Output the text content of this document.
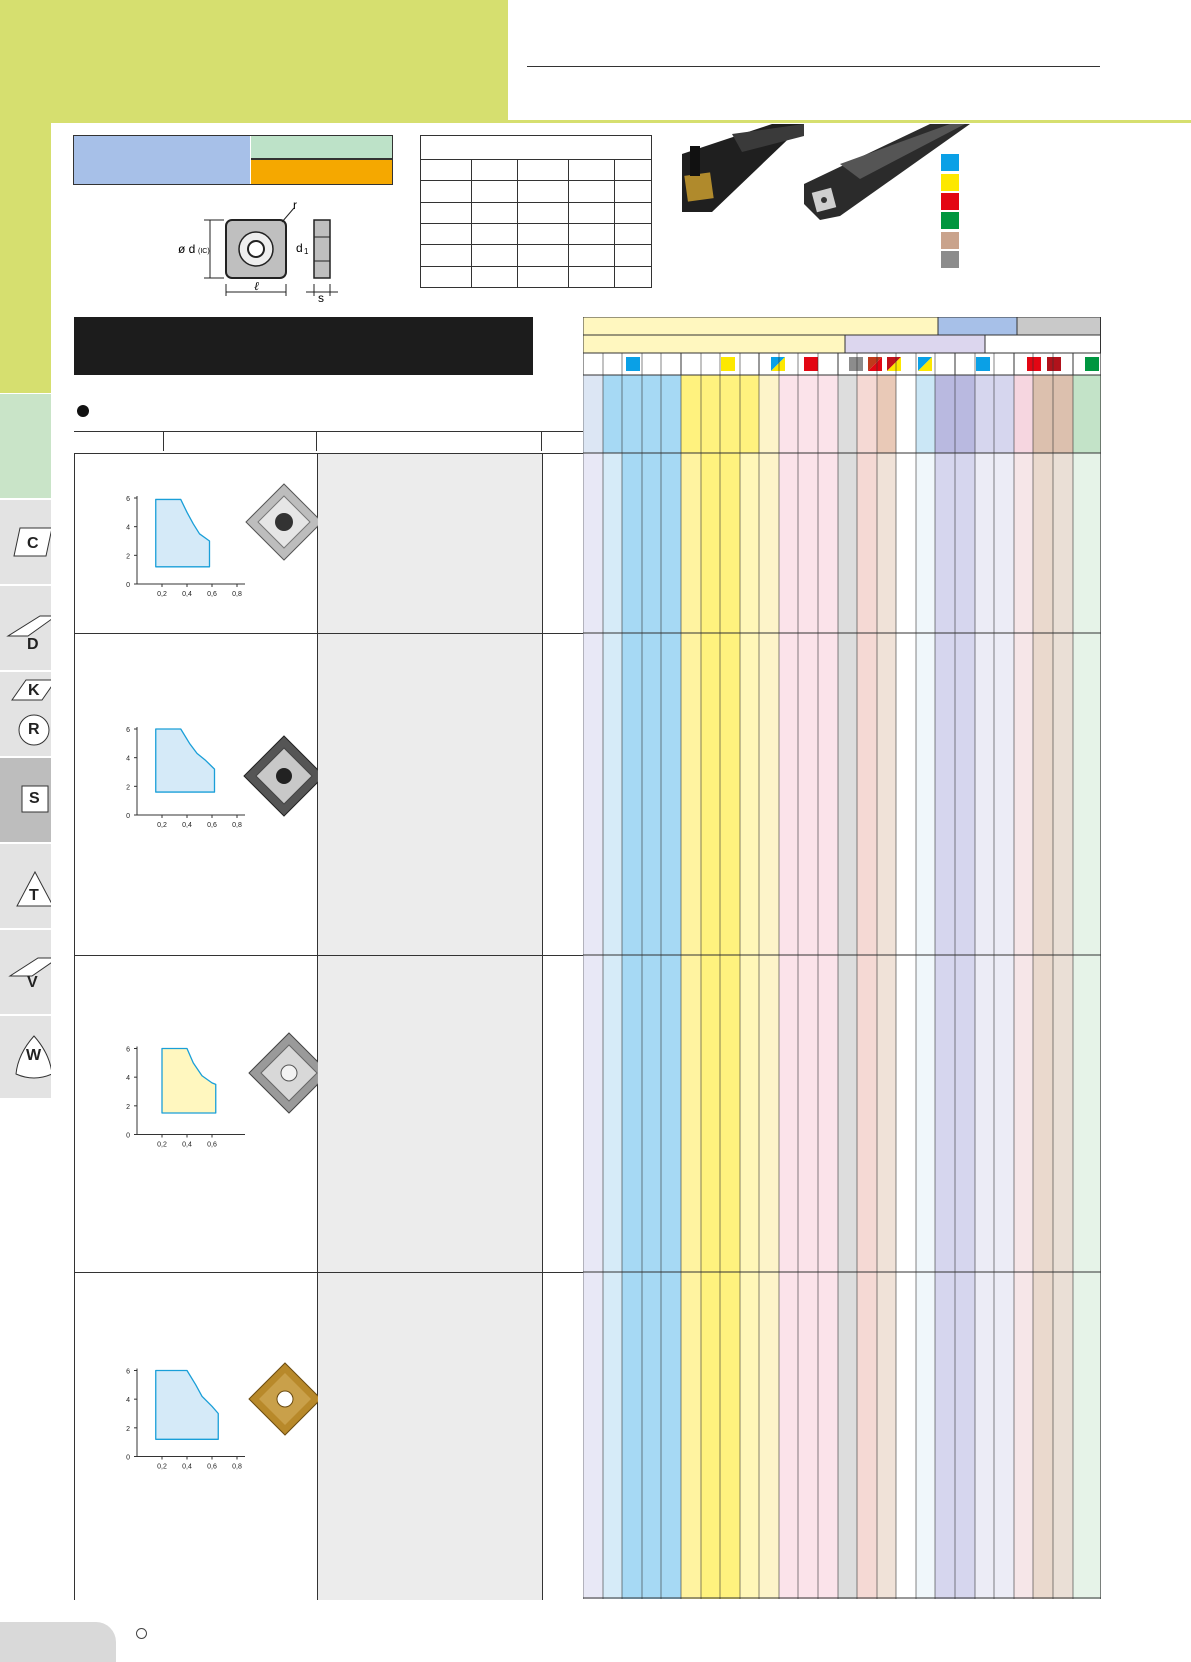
C
D
K
R
S
T
V
W
r
ø d (IC)
ℓ
d 1
s

0
2
4
6
0,2 0,4 0,6 0,8
0
2
4
6
0,2 0,4 0,6 0,8
0
2
4
6
0,2 0,4 0,6
0
2
4
6
0,2 0,4 0,6 0,8
